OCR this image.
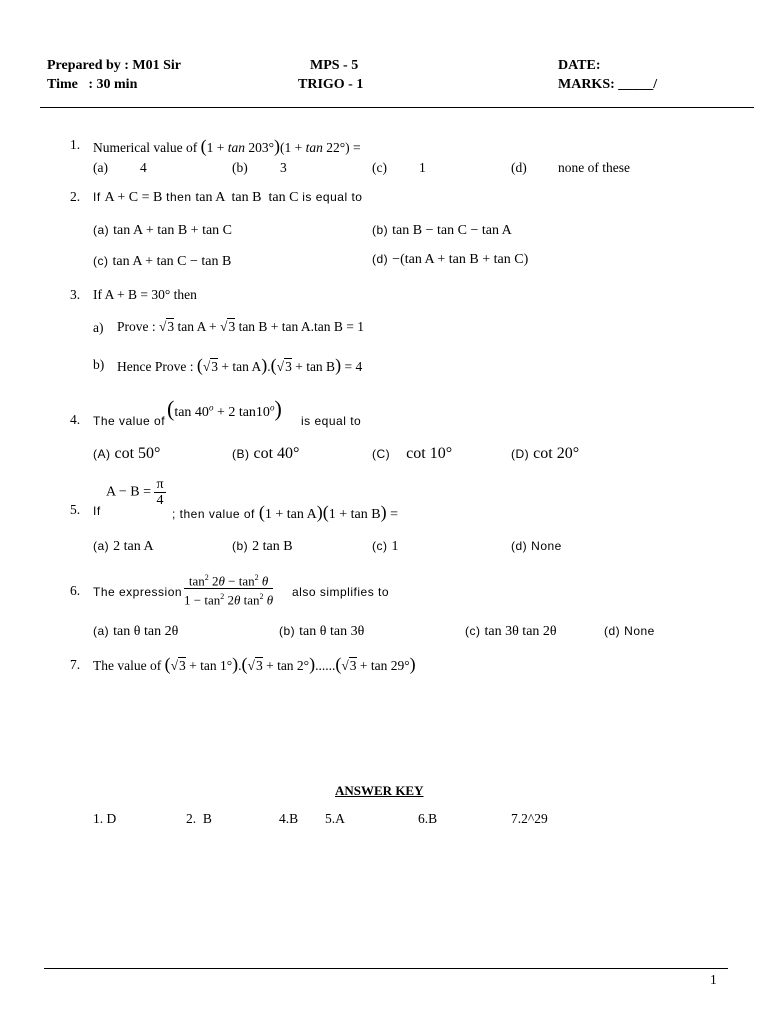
Prepared by : M01 Sir
Time   : 30 min
MPS - 5
TRIGO - 1
DATE:
MARKS: _____/
1. Numerical value of (1 + tan 203°)(1 + tan 22°) =
(a) 4	(b) 3	(c) 1	(d) none of these
2. If A + C = B then tan A  tan B  tan C is equal to
(a) tan A + tan B + tan C	(b) tan B − tan C − tan A
(c) tan A + tan C − tan B	(d) −(tan A + tan B + tan C)
3. If A + B = 30° then
a) Prove : √3 tan A + √3 tan B + tan A.tan B = 1
b) Hence Prove : (√3 + tan A).(√3 + tan B) = 4
4. The value of (tan $40^o + 2$ tan10$^o$) is equal to
(A) cot 50°	(B) cot 40°	(C) cot 10°	(D) cot 20°
5. If
$A - B = \frac{\pi}{4}$
; then value of (1 + tan A)(1 + tan B) =
(a) 2 tan A	(b) 2 tan B	(c) 1	(d) None
6. The expression $\frac{\tan^2 2\theta - \tan^2 \theta}{1 - \tan^2 2\theta \tan^2 \theta}$ also simplifies to
(a) tan θ tan 2θ	(b) tan θ tan 3θ	(c) tan 3θ tan 2θ	(d) None
7. The value of (√3 + tan 1°).(√3 + tan 2°)......(√3 + tan 29°)
ANSWER KEY
1. D	2.  B	4.B 5.A	6.B	7.2^29
1
